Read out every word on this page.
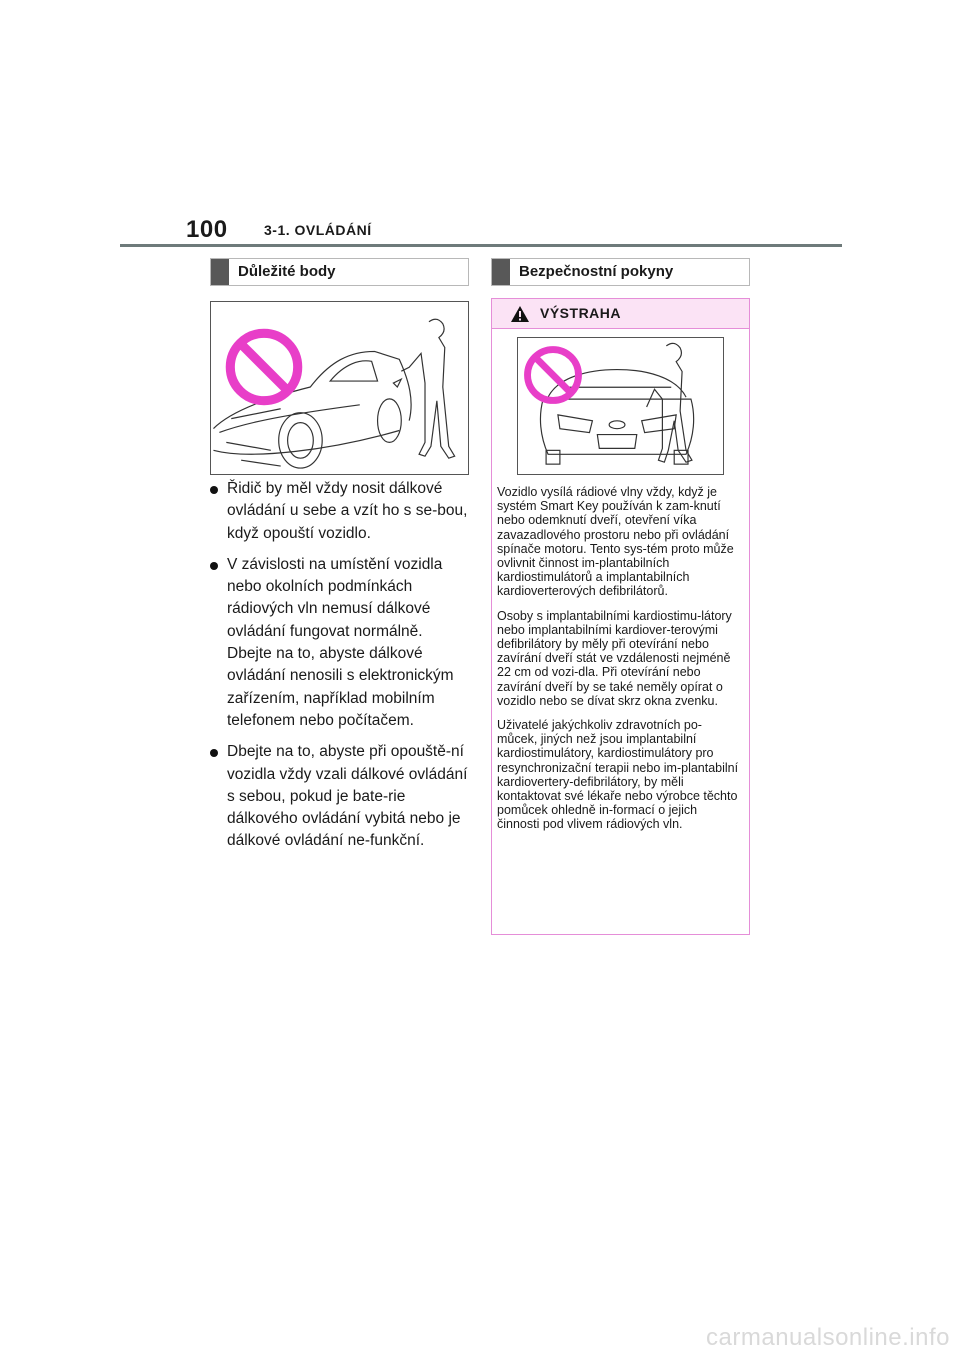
100	3-1. OVLÁDÁNÍ
Důležité body
Řidič by měl vždy nosit dálkové ovládání u sebe a vzít ho s se-bou, když opouští vozidlo.
V závislosti na umístění vozidla nebo okolních podmínkách rádiových vln nemusí dálkové ovládání fungovat normálně. Dbejte na to, abyste dálkové ovládání nenosili s elektronickým zařízením, například mobilním telefonem nebo počítačem.
Dbejte na to, abyste při opouště-ní vozidla vždy vzali dálkové ovládání s sebou, pokud je bate-rie dálkového ovládání vybitá nebo je dálkové ovládání ne-funkční.
Bezpečnostní pokyny
VÝSTRAHA

Vozidlo vysílá rádiové vlny vždy, když je systém Smart Key používán k zam-knutí nebo odemknutí dveří, otevření víka zavazadlového prostoru nebo při ovládání spínače motoru. Tento sys-tém proto může ovlivnit činnost im-plantabilních kardiostimulátorů a implantabilních kardioverterových defibrilátorů.

Osoby s implantabilními kardiostimu-látory nebo implantabilními kardiover-terovými defibrilátory by měly při otevírání nebo zavírání dveří stát ve vzdálenosti nejméně 22 cm od vozi-dla. Při otevírání nebo zavírání dveří by se také neměly opírat o vozidlo nebo se dívat skrz okna zvenku.

Uživatelé jakýchkoliv zdravotních po-můcek, jiných než jsou implantabilní kardiostimulátory, kardiostimulátory pro resynchronizační terapii nebo im-plantabilní kardiovertery-defibrilátory, by měli kontaktovat své lékaře nebo výrobce těchto pomůcek ohledně in-formací o jejich činnosti pod vlivem rádiových vln.

carmanualsonline.info
